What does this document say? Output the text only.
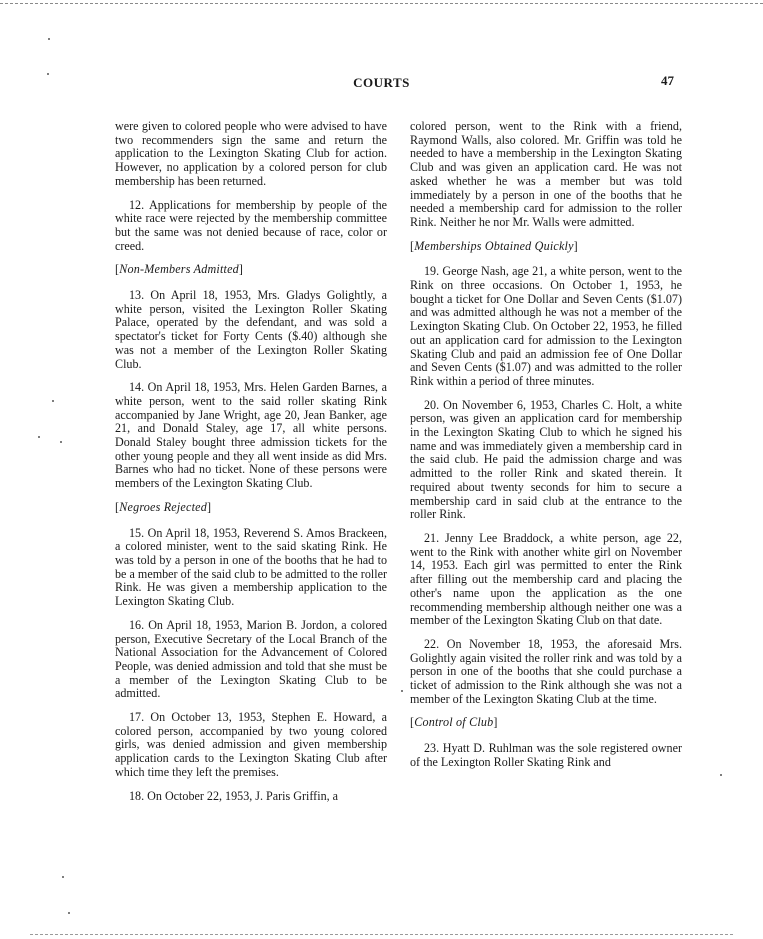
COURTS	47

were given to colored people who were advised to have two recommenders sign the same and return the application to the Lexington Skating Club for action. However, no application by a colored person for club membership has been returned.

12. Applications for membership by people of the white race were rejected by the membership committee but the same was not denied because of race, color or creed.

[Non-Members Admitted]

13. On April 18, 1953, Mrs. Gladys Golightly, a white person, visited the Lexington Roller Skating Palace, operated by the defendant, and was sold a spectator's ticket for Forty Cents ($.40) although she was not a member of the Lexington Roller Skating Club.

14. On April 18, 1953, Mrs. Helen Garden Barnes, a white person, went to the said roller skating Rink accompanied by Jane Wright, age 20, Jean Banker, age 21, and Donald Staley, age 17, all white persons. Donald Staley bought three admission tickets for the other young people and they all went inside as did Mrs. Barnes who had no ticket. None of these persons were members of the Lexington Skating Club.

[Negroes Rejected]

15. On April 18, 1953, Reverend S. Amos Brackeen, a colored minister, went to the said skating Rink. He was told by a person in one of the booths that he had to be a member of the said club to be admitted to the roller Rink. He was given a membership application to the Lexington Skating Club.

16. On April 18, 1953, Marion B. Jordon, a colored person, Executive Secretary of the Local Branch of the National Association for the Advancement of Colored People, was denied admission and told that she must be a member of the Lexington Skating Club to be admitted.

17. On October 13, 1953, Stephen E. Howard, a colored person, accompanied by two young colored girls, was denied admission and given membership application cards to the Lexington Skating Club after which time they left the premises.

18. On October 22, 1953, J. Paris Griffin, a

colored person, went to the Rink with a friend, Raymond Walls, also colored. Mr. Griffin was told he needed to have a membership in the Lexington Skating Club and was given an application card. He was not asked whether he was a member but was told immediately by a person in one of the booths that he needed a membership card for admission to the roller Rink. Neither he nor Mr. Walls were admitted.

[Memberships Obtained Quickly]

19. George Nash, age 21, a white person, went to the Rink on three occasions. On October 1, 1953, he bought a ticket for One Dollar and Seven Cents ($1.07) and was admitted although he was not a member of the Lexington Skating Club. On October 22, 1953, he filled out an application card for admission to the Lexington Skating Club and paid an admission fee of One Dollar and Seven Cents ($1.07) and was admitted to the roller Rink within a period of three minutes.

20. On November 6, 1953, Charles C. Holt, a white person, was given an application card for membership in the Lexington Skating Club to which he signed his name and was immediately given a membership card in the said club. He paid the admission charge and was admitted to the roller Rink and skated therein. It required about twenty seconds for him to secure a membership card in said club at the entrance to the roller Rink.

21. Jenny Lee Braddock, a white person, age 22, went to the Rink with another white girl on November 14, 1953. Each girl was permitted to enter the Rink after filling out the membership card and placing the other's name upon the application as the one recommending membership although neither one was a member of the Lexington Skating Club on that date.

22. On November 18, 1953, the aforesaid Mrs. Golightly again visited the roller rink and was told by a person in one of the booths that she could purchase a ticket of admission to the Rink although she was not a member of the Lexington Skating Club at the time.

[Control of Club]

23. Hyatt D. Ruhlman was the sole registered owner of the Lexington Roller Skating Rink and
